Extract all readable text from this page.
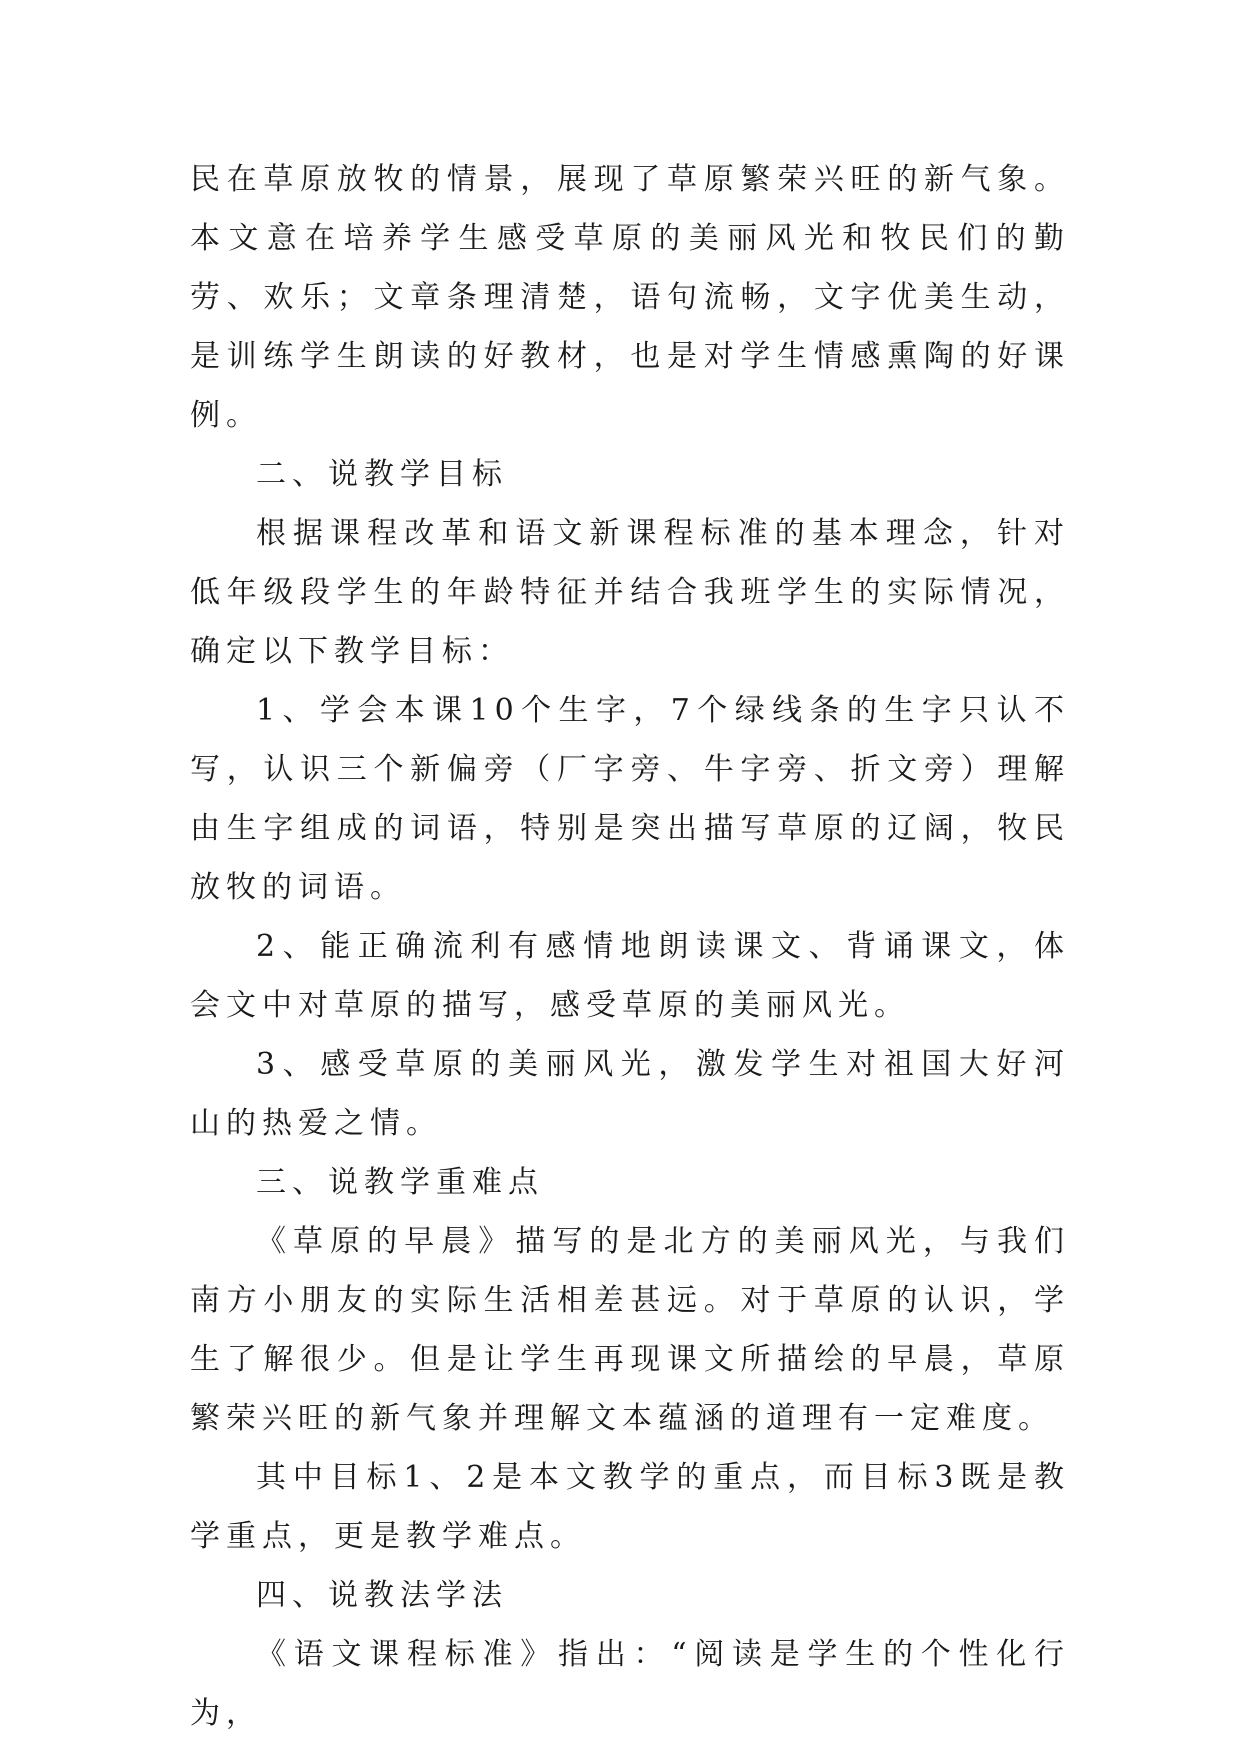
民在草原放牧的情景，展现了草原繁荣兴旺的新气象。本文意在培养学生感受草原的美丽风光和牧民们的勤劳、欢乐；文章条理清楚，语句流畅，文字优美生动，是训练学生朗读的好教材，也是对学生情感熏陶的好课例。

二、说教学目标

根据课程改革和语文新课程标准的基本理念，针对低年级段学生的年龄特征并结合我班学生的实际情况，确定以下教学目标：

1、学会本课10个生字，7个绿线条的生字只认不写，认识三个新偏旁（厂字旁、牛字旁、折文旁）理解由生字组成的词语，特别是突出描写草原的辽阔，牧民放牧的词语。

2、能正确流利有感情地朗读课文、背诵课文，体会文中对草原的描写，感受草原的美丽风光。

3、感受草原的美丽风光，激发学生对祖国大好河山的热爱之情。

三、说教学重难点

《草原的早晨》描写的是北方的美丽风光，与我们南方小朋友的实际生活相差甚远。对于草原的认识，学生了解很少。但是让学生再现课文所描绘的早晨，草原繁荣兴旺的新气象并理解文本蕴涵的道理有一定难度。

其中目标1、2是本文教学的重点，而目标3既是教学重点，更是教学难点。

四、说教法学法

《语文课程标准》指出：“阅读是学生的个性化行为，
